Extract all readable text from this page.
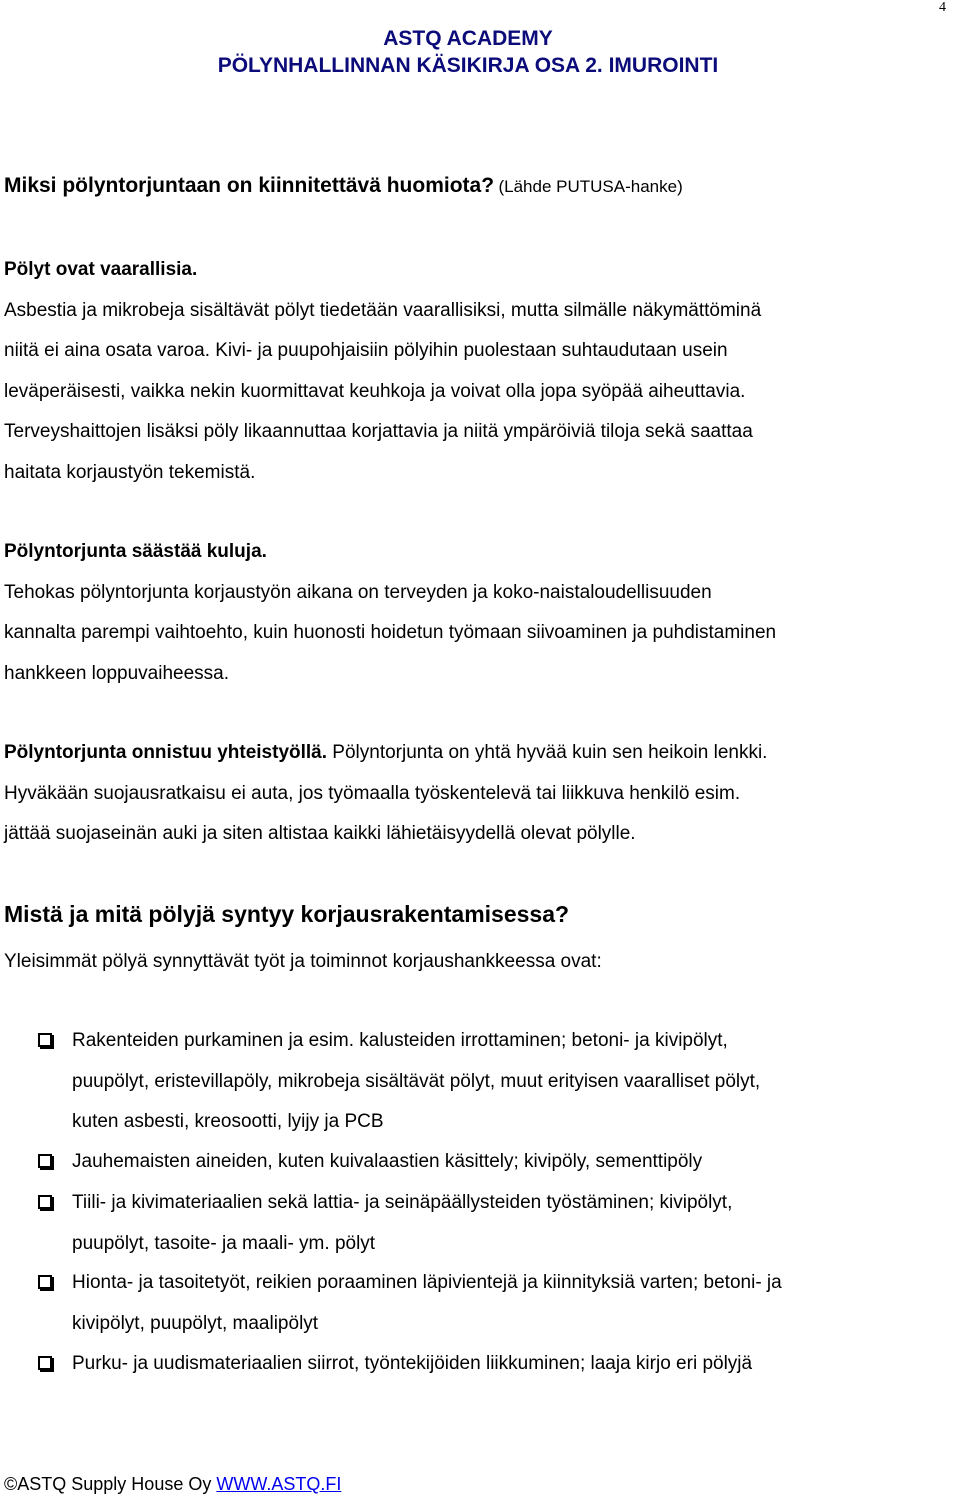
4
ASTQ ACADEMY
PÖLYNHALLINNAN KÄSIKIRJA OSA 2. IMUROINTI
Miksi pölyntorjuntaan on kiinnitettävä huomiota? (Lähde PUTUSA-hanke)
Pölyt ovat vaarallisia.
Asbestia ja mikrobeja sisältävät pölyt tiedetään vaarallisiksi, mutta silmälle näkymättöminä
niitä ei aina osata varoa. Kivi- ja puupohjaisiin pölyihin puolestaan suhtaudutaan usein
leväperäisesti, vaikka nekin kuormittavat keuhkoja ja voivat olla jopa syöpää aiheuttavia.
Terveyshaittojen lisäksi pöly likaannuttaa korjattavia ja niitä ympäröiviä tiloja sekä saattaa
haitata korjaustyön tekemistä.
Pölyntorjunta säästää kuluja.
Tehokas pölyntorjunta korjaustyön aikana on terveyden ja koko-naistaloudellisuuden
kannalta parempi vaihtoehto, kuin huonosti hoidetun työmaan siivoaminen ja puhdistaminen
hankkeen loppuvaiheessa.
Pölyntorjunta onnistuu yhteistyöllä. Pölyntorjunta on yhtä hyvää kuin sen heikoin lenkki.
Hyväkään suojausratkaisu ei auta, jos työmaalla työskentelevä tai liikkuva henkilö esim.
jättää suojaseinän auki ja siten altistaa kaikki lähietäisyydellä olevat pölylle.
Mistä ja mitä pölyjä syntyy korjausrakentamisessa?
Yleisimmät pölyä synnyttävät työt ja toiminnot korjaushankkeessa ovat:
Rakenteiden purkaminen ja esim. kalusteiden irrottaminen; betoni- ja kivipölyt,
puupölyt, eristevillapöly, mikrobeja sisältävät pölyt, muut erityisen vaaralliset pölyt,
kuten asbesti, kreosootti, lyijy ja PCB
Jauhemaisten aineiden, kuten kuivalaastien käsittely; kivipöly, sementtipöly
Tiili- ja kivimateriaalien sekä lattia- ja seinäpäällysteiden työstäminen; kivipölyt,
puupölyt, tasoite- ja maali- ym. pölyt
Hionta- ja tasoitetyöt, reikien poraaminen läpivientejä ja kiinnityksiä varten; betoni- ja
kivipölyt, puupölyt, maalipölyt
Purku- ja uudismateriaalien siirrot, työntekijöiden liikkuminen; laaja kirjo eri pölyjä
©ASTQ Supply House Oy WWW.ASTQ.FI
